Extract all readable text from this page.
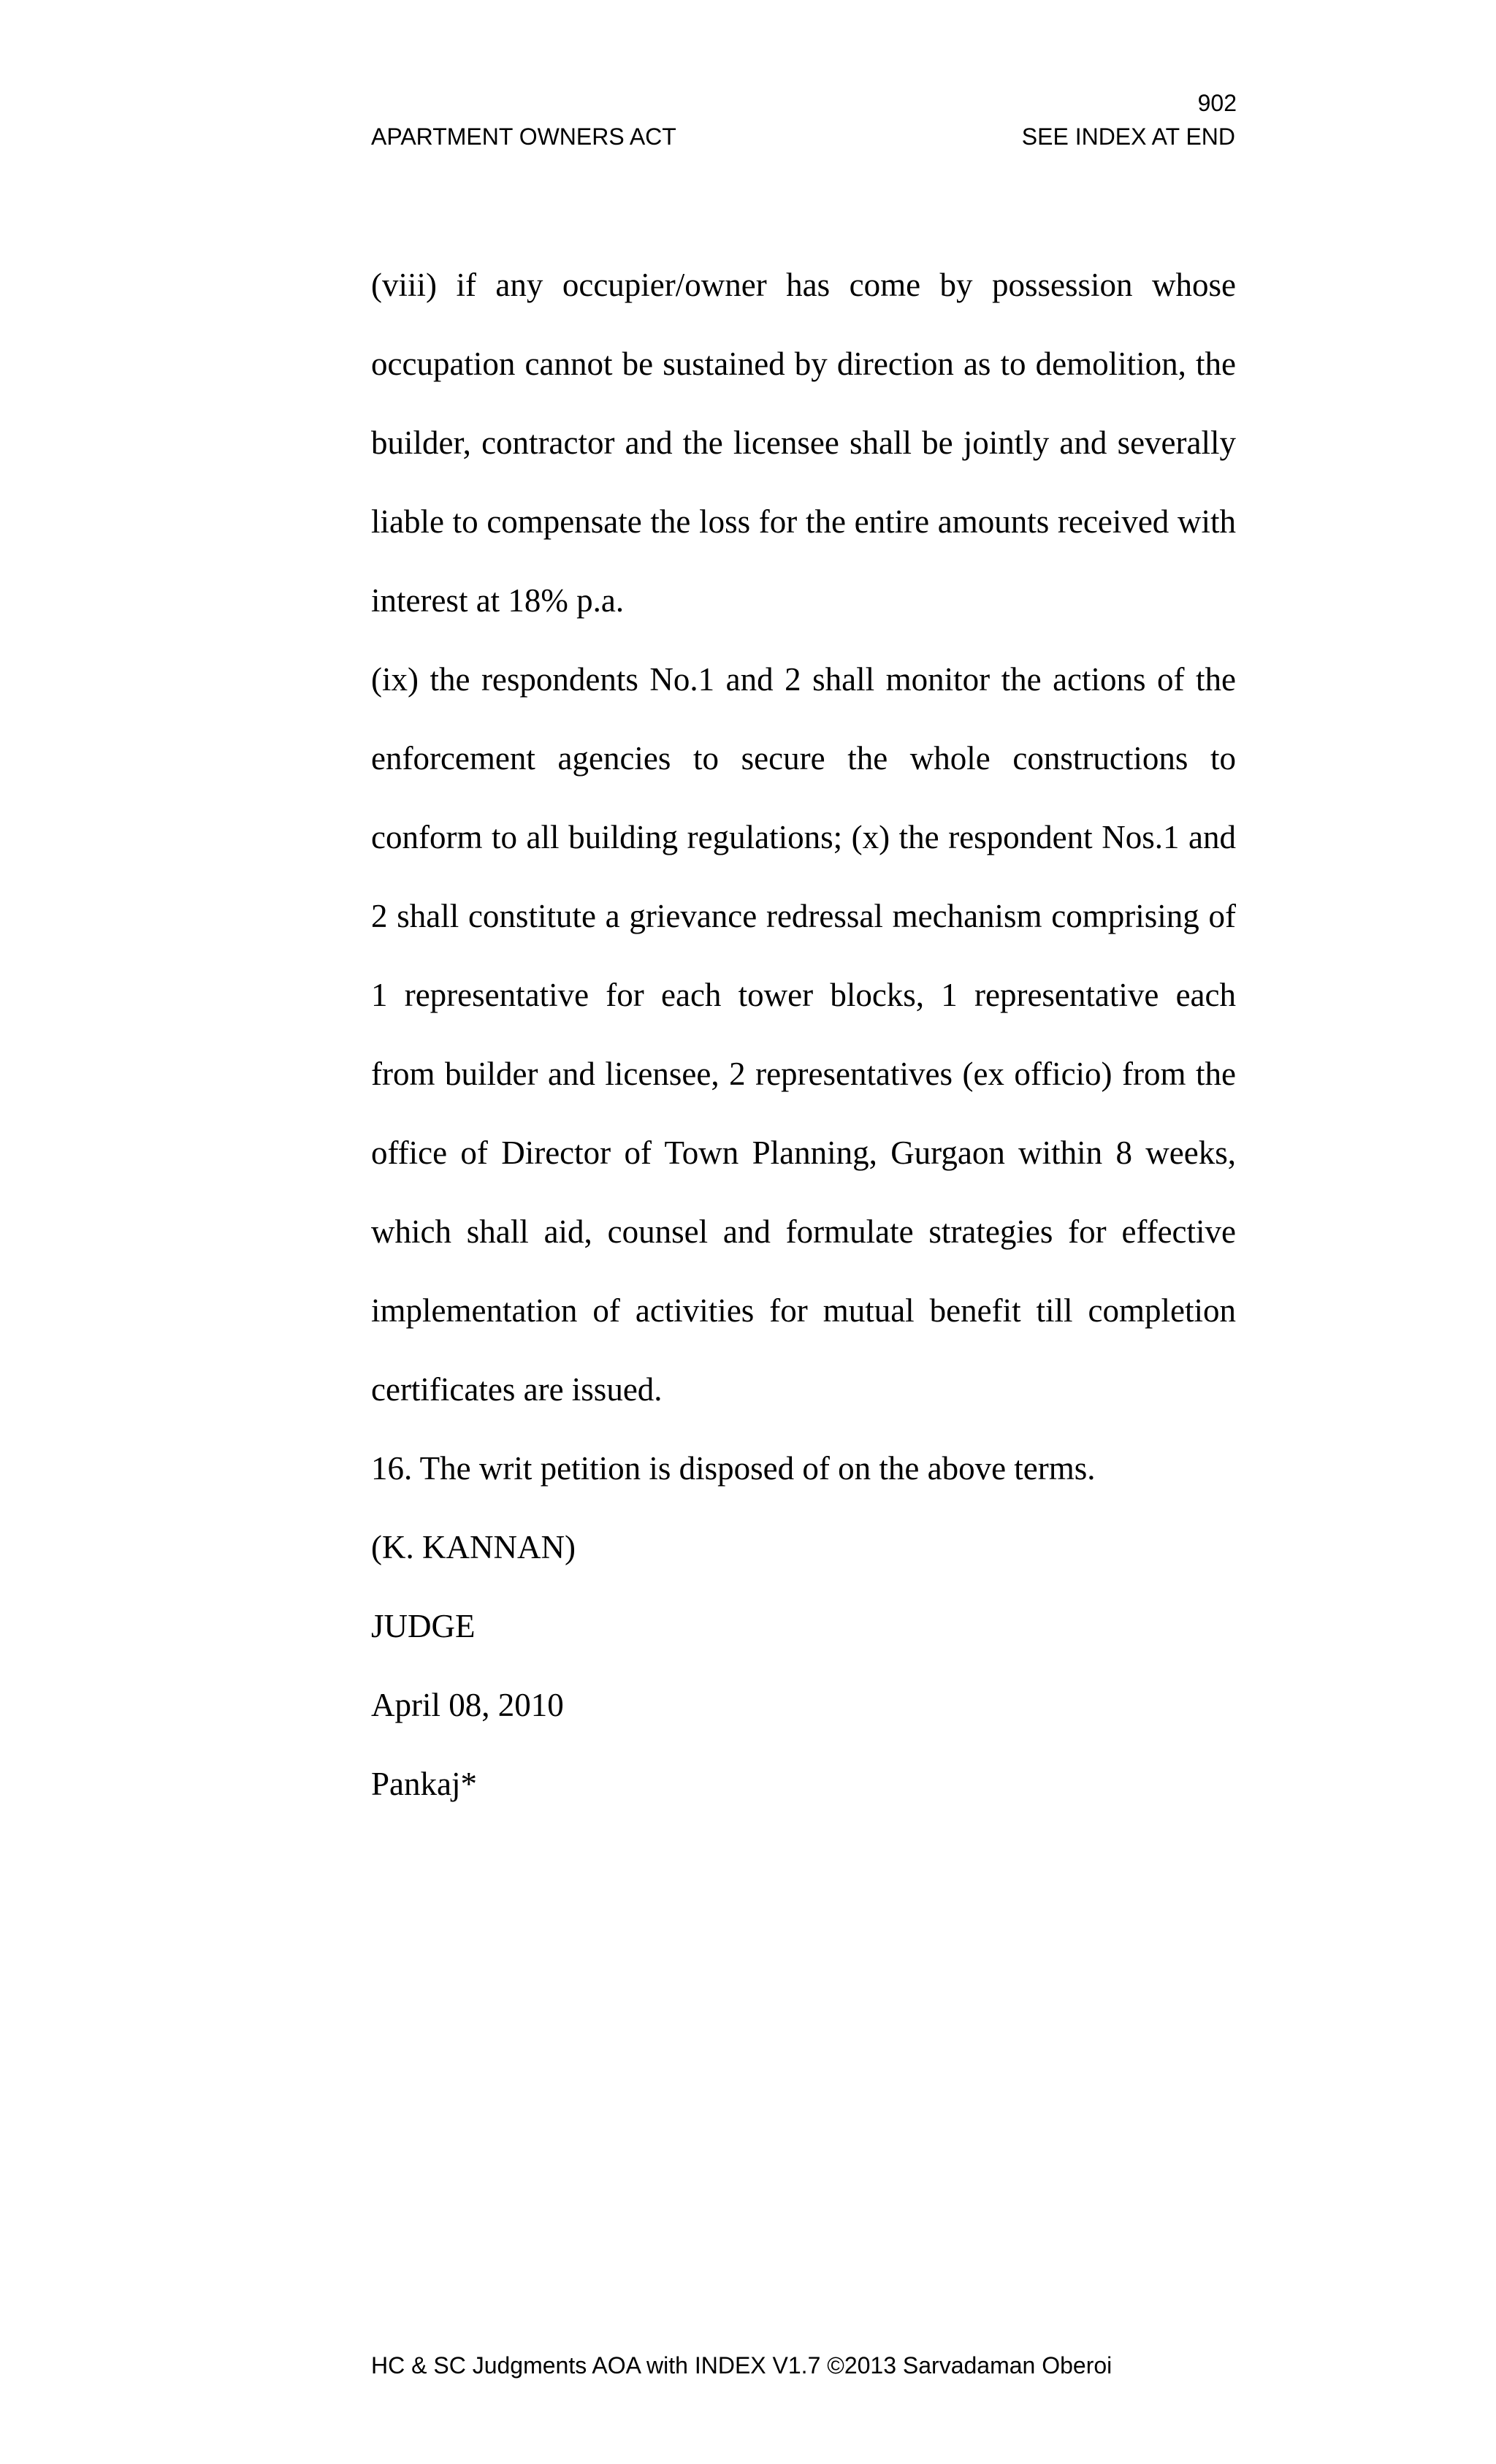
902
APARTMENT OWNERS ACT	SEE INDEX AT END

(viii) if any occupier/owner has come by possession whose occupation cannot be sustained by direction as to demolition, the builder, contractor and the licensee shall be jointly and severally liable to compensate the loss for the entire amounts received with interest at 18% p.a.

(ix) the respondents No.1 and 2 shall monitor the actions of the enforcement agencies to secure the whole constructions to conform to all building regulations; (x) the respondent Nos.1 and 2 shall constitute a grievance redressal mechanism comprising of 1 representative for each tower blocks, 1 representative each from builder and licensee, 2 representatives (ex officio) from the office of Director of Town Planning, Gurgaon within 8 weeks, which shall aid, counsel and formulate strategies for effective implementation of activities for mutual benefit till completion certificates are issued.

16. The writ petition is disposed of on the above terms.

(K. KANNAN)

JUDGE

April 08, 2010

Pankaj*

HC & SC Judgments AOA with INDEX V1.7 ©2013 Sarvadaman Oberoi
